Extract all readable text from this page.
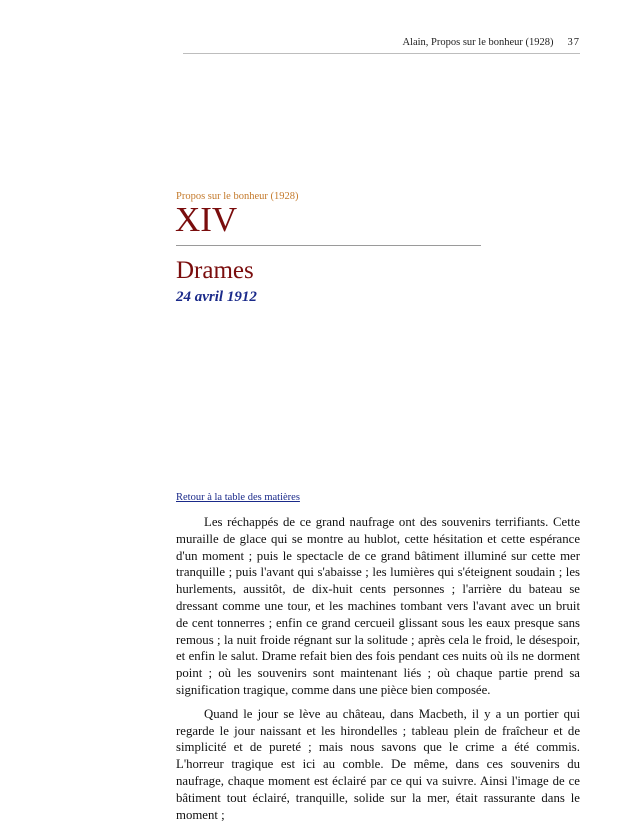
Alain, Propos sur le bonheur (1928) 37
Propos sur le bonheur (1928)
XIV
Drames
24 avril 1912
Retour à la table des matières

Les réchappés de ce grand naufrage ont des souvenirs terrifiants. Cette muraille de glace qui se montre au hublot, cette hésitation et cette espérance d'un moment ; puis le spectacle de ce grand bâtiment illuminé sur cette mer tranquille ; puis l'avant qui s'abaisse ; les lumières qui s'éteignent soudain ; les hurlements, aussitôt, de dix-huit cents personnes ; l'arrière du bateau se dressant comme une tour, et les machines tombant vers l'avant avec un bruit de cent tonnerres ; enfin ce grand cercueil glissant sous les eaux presque sans remous ; la nuit froide régnant sur la solitude ; après cela le froid, le désespoir, et enfin le salut. Drame refait bien des fois pendant ces nuits où ils ne dorment point ; où les souvenirs sont maintenant liés ; où chaque partie prend sa signification tragique, comme dans une pièce bien composée.

Quand le jour se lève au château, dans Macbeth, il y a un portier qui regarde le jour naissant et les hirondelles ; tableau plein de fraîcheur et de simplicité et de pureté ; mais nous savons que le crime a été commis. L'horreur tragique est ici au comble. De même, dans ces souvenirs du naufrage, chaque moment est éclairé par ce qui va suivre. Ainsi l'image de ce bâtiment tout éclairé, tranquille, solide sur la mer, était rassurante dans le moment ;
